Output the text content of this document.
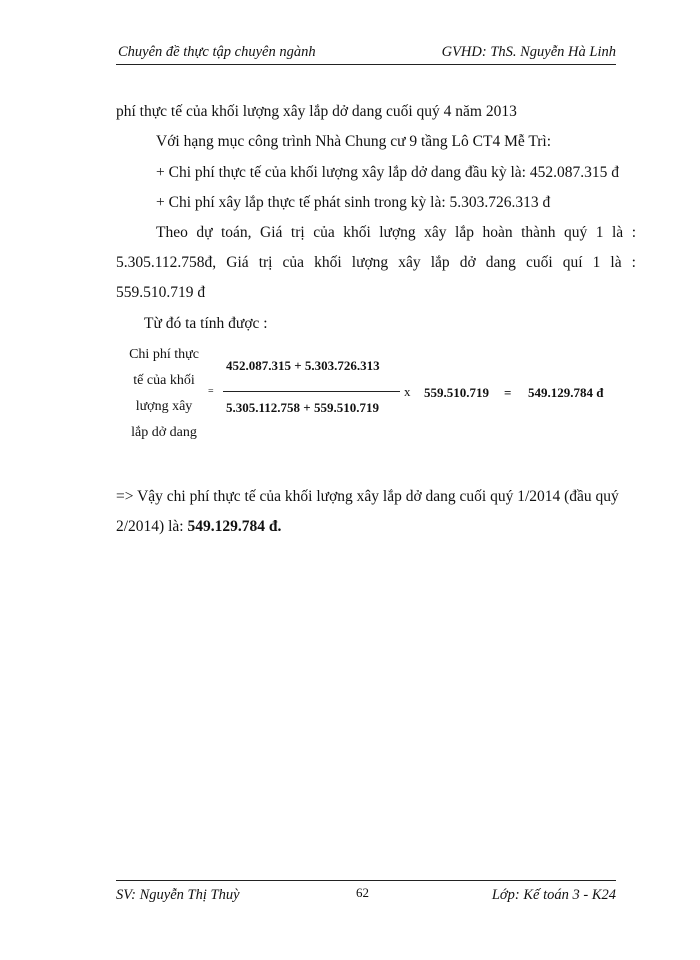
Chuyên đề thực tập chuyên ngành	GVHD: ThS. Nguyễn Hà Linh
phí thực tế của khối lượng xây lắp dở dang cuối quý 4 năm 2013
Với hạng mục công trình Nhà Chung cư 9 tầng Lô CT4 Mễ Trì:
+ Chi phí thực tế của khối lượng xây lắp dở dang đầu kỳ là: 452.087.315 đ
+ Chi phí xây lắp thực tế phát sinh trong kỳ là: 5.303.726.313 đ
Theo dự toán, Giá trị của khối lượng xây lắp hoàn thành quý 1 là :
5.305.112.758đ, Giá trị của khối lượng xây lắp dở dang cuối quí 1 là :
559.510.719 đ
Từ đó ta tính được :
Chi phí thực
tế của khối
lượng xây
lắp dở dang
=
452.087.315 + 5.303.726.313
5.305.112.758 + 559.510.719
x 559.510.719 = 549.129.784 đ
=> Vậy chi phí thực tế của khối lượng xây lắp dở dang cuối quý 1/2014 (đầu quý
2/2014) là: 549.129.784 đ.
SV: Nguyễn Thị Thuỳ	62	Lớp: Kế toán 3 - K24
